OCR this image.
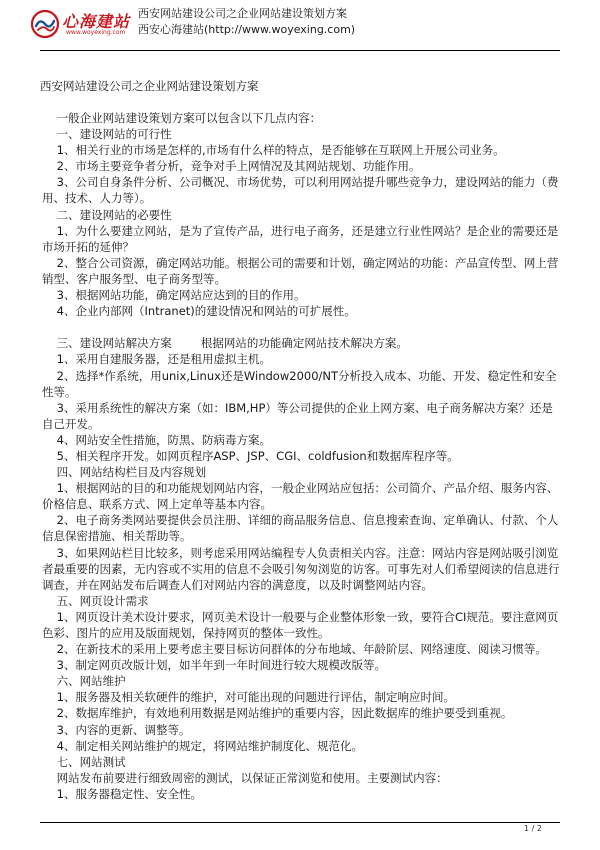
心海建站
www.woyexing.com
西安网站建设公司之企业网站建设策划方案
西安心海建站(http://www.woyexing.com)
西安网站建设公司之企业网站建设策划方案

一般企业网站建设策划方案可以包含以下几点内容：

一、建设网站的可行性

1、相关行业的市场是怎样的,市场有什么样的特点，是否能够在互联网上开展公司业务。

2、市场主要竞争者分析，竞争对手上网情况及其网站规划、功能作用。

3、公司自身条件分析、公司概况、市场优势，可以利用网站提升哪些竞争力，建设网站的能力（费用、技术、人力等）。

二、建设网站的必要性

1、为什么要建立网站，是为了宣传产品，进行电子商务，还是建立行业性网站？是企业的需要还是市场开拓的延伸？

2、整合公司资源，确定网站功能。根据公司的需要和计划，确定网站的功能：产品宣传型、网上营销型、客户服务型、电子商务型等。

3、根据网站功能，确定网站应达到的目的作用。

4、企业内部网（Intranet)的建设情况和网站的可扩展性。

三、建设网站解决方案        根据网站的功能确定网站技术解决方案。

1、采用自建服务器，还是租用虚拟主机。

2、选择*作系统，用unix,Linux还是Window2000/NT分析投入成本、功能、开发、稳定性和安全性等。

3、采用系统性的解决方案（如：IBM,HP）等公司提供的企业上网方案、电子商务解决方案？还是自己开发。

4、网站安全性措施，防黑、防病毒方案。

5、相关程序开发。如网页程序ASP、JSP、CGI、coldfusion和数据库程序等。

四、网站结构栏目及内容规划

1、根据网站的目的和功能规划网站内容，一般企业网站应包括：公司简介、产品介绍、服务内容、价格信息、联系方式、网上定单等基本内容。

2、电子商务类网站要提供会员注册、详细的商品服务信息、信息搜索查询、定单确认、付款、个人信息保密措施、相关帮助等。

3、如果网站栏目比较多，则考虑采用网站编程专人负责相关内容。注意：网站内容是网站吸引浏览者最重要的因素，无内容或不实用的信息不会吸引匆匆浏览的访客。可事先对人们希望阅读的信息进行调查，并在网站发布后调查人们对网站内容的满意度，以及时调整网站内容。

五、网页设计需求

1、网页设计美术设计要求，网页美术设计一般要与企业整体形象一致，要符合CI规范。要注意网页色彩、图片的应用及版面规划，保持网页的整体一致性。

2、在新技术的采用上要考虑主要目标访问群体的分布地域、年龄阶层、网络速度、阅读习惯等。

3、制定网页改版计划，如半年到一年时间进行较大规模改版等。

六、网站维护

1、服务器及相关软硬件的维护，对可能出现的问题进行评估，制定响应时间。

2、数据库维护，有效地利用数据是网站维护的重要内容，因此数据库的维护要受到重视。

3、内容的更新、调整等。

4、制定相关网站维护的规定，将网站维护制度化、规范化。

七、网站测试

网站发布前要进行细致周密的测试，以保证正常浏览和使用。主要测试内容：

1、服务器稳定性、安全性。

1 / 2
